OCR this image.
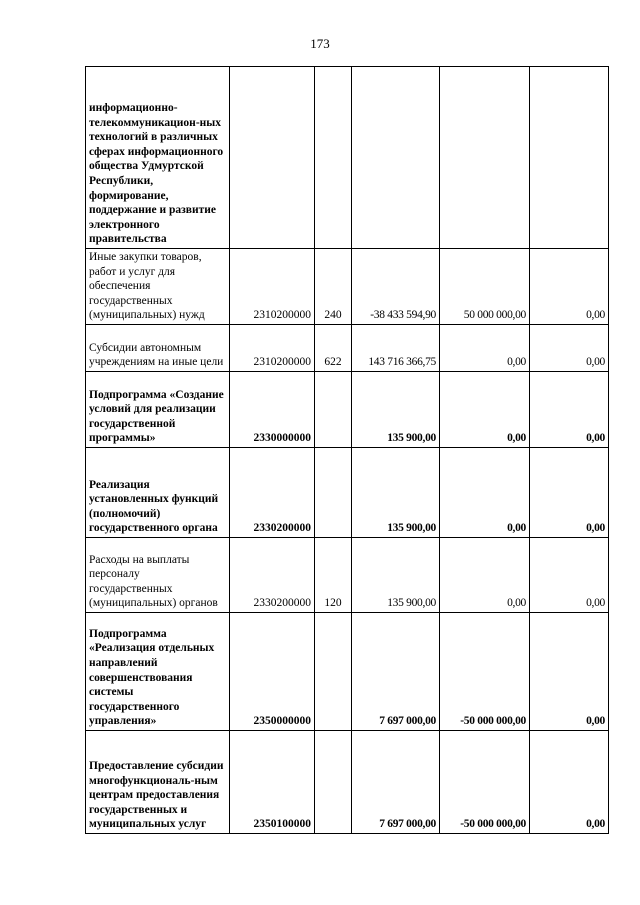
173
информационно-телекоммуникацион-ных технологий в различных сферах информационного общества Удмуртской Республики, формирование, поддержание и развитие электронного правительства					
Иные закупки товаров, работ и услуг для обеспечения государственных (муниципальных) нужд	2310200000	240	-38 433 594,90	50 000 000,00	0,00
Субсидии автономным учреждениям на иные цели	2310200000	622	143 716 366,75	0,00	0,00
Подпрограмма «Создание условий для реализации государственной программы»	2330000000		135 900,00	0,00	0,00
Реализация установленных функций (полномочий) государственного органа	2330200000		135 900,00	0,00	0,00
Расходы на выплаты персоналу государственных (муниципальных) органов	2330200000	120	135 900,00	0,00	0,00
Подпрограмма «Реализация отдельных направлений совершенствования системы государственного управления»	2350000000		7 697 000,00	-50 000 000,00	0,00
Предоставление субсидии многофункциональ-ным центрам предоставления государственных и муниципальных услуг	2350100000		7 697 000,00	-50 000 000,00	0,00
